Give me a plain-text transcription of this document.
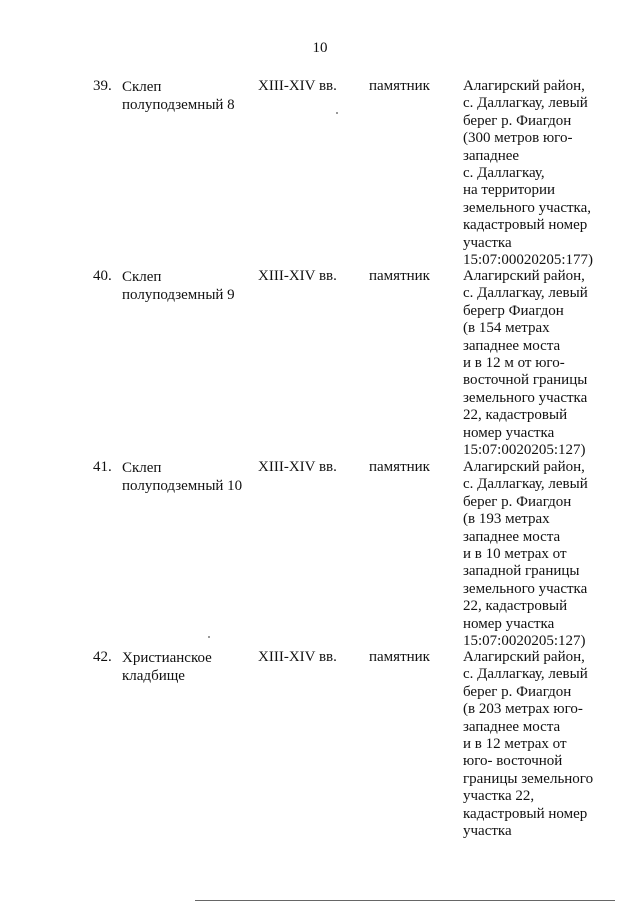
10
39. Склеп
полуподземный 8
XIII-XIV вв.	памятник	Алагирский район,
с. Даллагкау, левый
берег р. Фиагдон
(300 метров юго-
западнее
с. Даллагкау,
на территории
земельного участка,
кадастровый номер
участка
15:07:00020205:177)
40. Склеп
полуподземный 9
XIII-XIV вв.	памятник	Алагирский район,
с. Даллагкау, левый
берегр Фиагдон
(в 154 метрах
западнее моста
и в 12 м от юго-
восточной границы
земельного участка
22, кадастровый
номер участка
15:07:0020205:127)
41. Склеп
полуподземный 10
XIII-XIV вв.	памятник	Алагирский район,
с. Даллагкау, левый
берег р. Фиагдон
(в 193 метрах
западнее моста
и в 10 метрах от
западной границы
земельного участка
22, кадастровый
номер участка
15:07:0020205:127)
42. Христианское
кладбище
XIII-XIV вв.	памятник	Алагирский район,
с. Даллагкау, левый
берег р. Фиагдон
(в 203 метрах юго-
западнее моста
и в 12 метрах от
юго- восточной
границы земельного
участка 22,
кадастровый номер
участка
